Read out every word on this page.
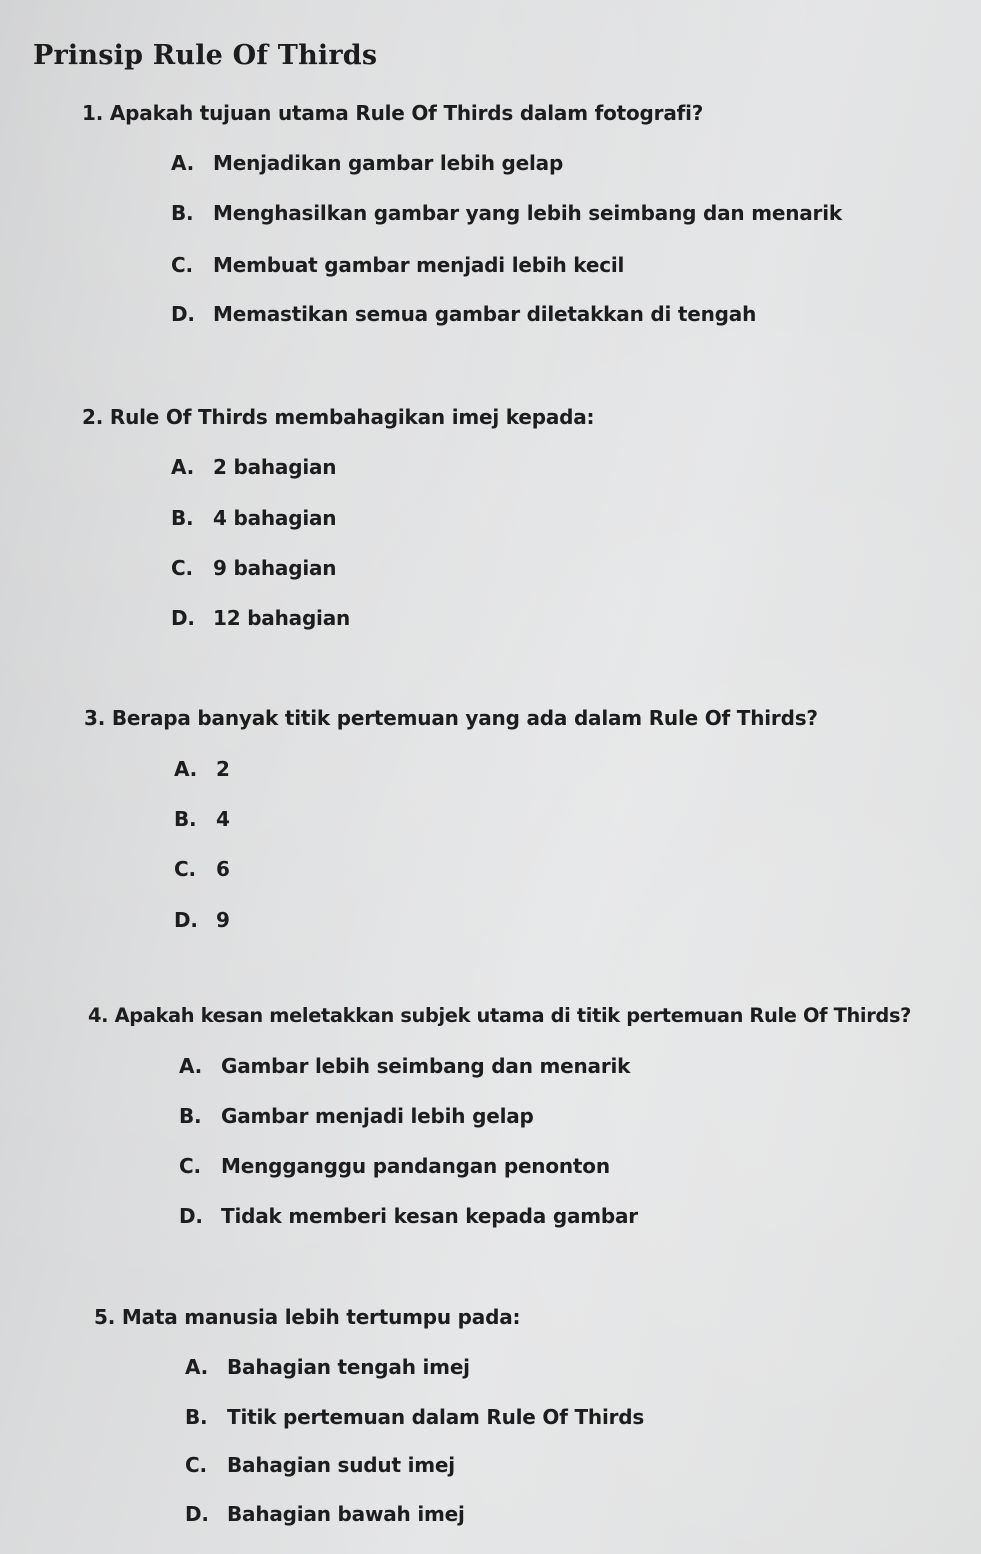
Prinsip Rule Of Thirds
1. Apakah tujuan utama Rule Of Thirds dalam fotografi?
A. Menjadikan gambar lebih gelap
B. Menghasilkan gambar yang lebih seimbang dan menarik
C. Membuat gambar menjadi lebih kecil
D. Memastikan semua gambar diletakkan di tengah
2. Rule Of Thirds membahagikan imej kepada:
A. 2 bahagian
B. 4 bahagian
C. 9 bahagian
D. 12 bahagian
3. Berapa banyak titik pertemuan yang ada dalam Rule Of Thirds?
A. 2
B. 4
C. 6
D. 9
4. Apakah kesan meletakkan subjek utama di titik pertemuan Rule Of Thirds?
A. Gambar lebih seimbang dan menarik
B. Gambar menjadi lebih gelap
C. Mengganggu pandangan penonton
D. Tidak memberi kesan kepada gambar
5. Mata manusia lebih tertumpu pada:
A. Bahagian tengah imej
B. Titik pertemuan dalam Rule Of Thirds
C. Bahagian sudut imej
D. Bahagian bawah imej
